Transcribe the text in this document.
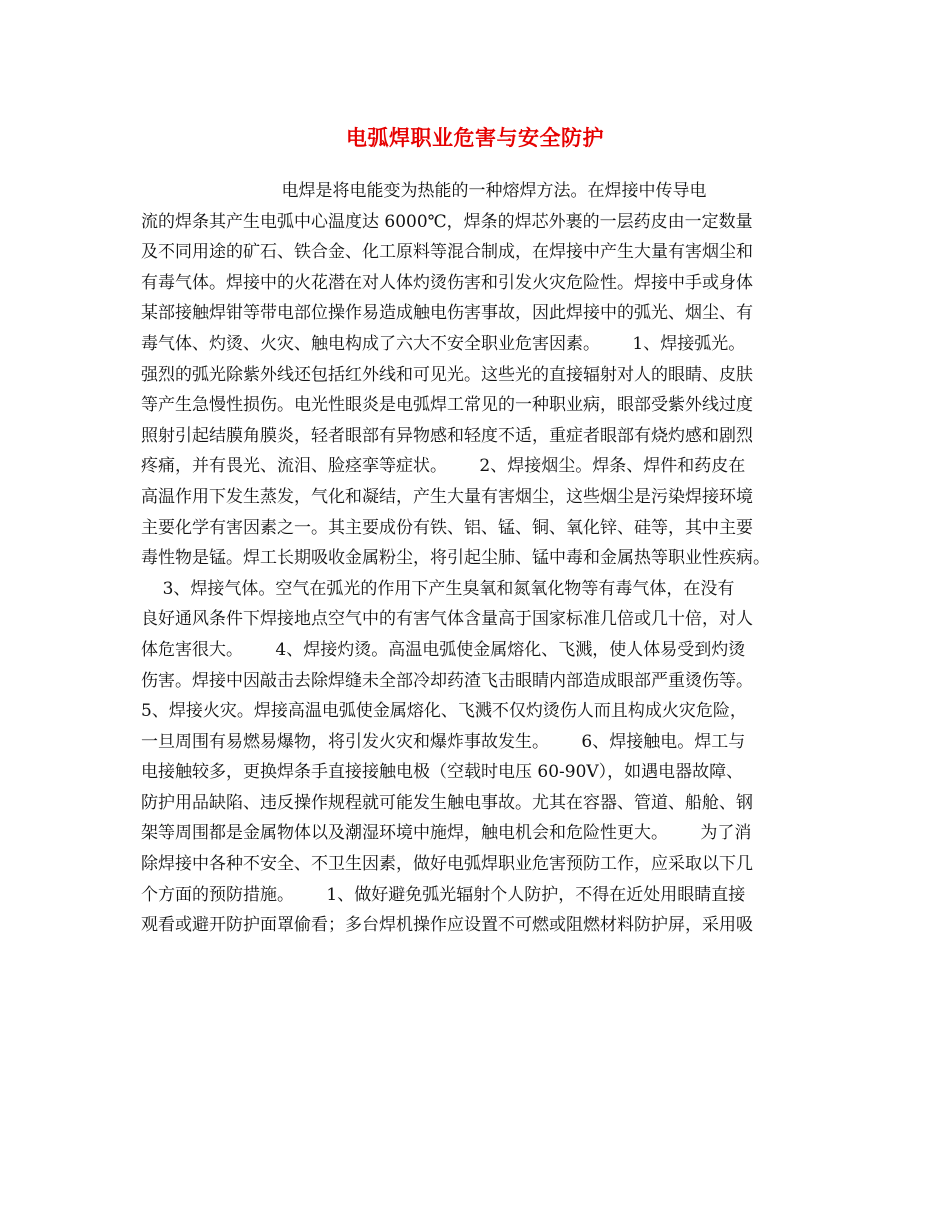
电弧焊职业危害与安全防护
电焊是将电能变为热能的一种熔焊方法。在焊接中传导电
流的焊条其产生电弧中心温度达 6000℃，焊条的焊芯外裹的一层药皮由一定数量
及不同用途的矿石、铁合金、化工原料等混合制成，在焊接中产生大量有害烟尘和
有毒气体。焊接中的火花潜在对人体灼烫伤害和引发火灾危险性。焊接中手或身体
某部接触焊钳等带电部位操作易造成触电伤害事故，因此焊接中的弧光、烟尘、有
毒气体、灼烫、火灾、触电构成了六大不安全职业危害因素。      1、焊接弧光。
强烈的弧光除紫外线还包括红外线和可见光。这些光的直接辐射对人的眼睛、皮肤
等产生急慢性损伤。电光性眼炎是电弧焊工常见的一种职业病，眼部受紫外线过度
照射引起结膜角膜炎，轻者眼部有异物感和轻度不适，重症者眼部有烧灼感和剧烈
疼痛，并有畏光、流泪、脸痉挛等症状。      2、焊接烟尘。焊条、焊件和药皮在
高温作用下发生蒸发，气化和凝结，产生大量有害烟尘，这些烟尘是污染焊接环境
主要化学有害因素之一。其主要成份有铁、铝、锰、铜、氧化锌、硅等，其中主要
毒性物是锰。焊工长期吸收金属粉尘，将引起尘肺、锰中毒和金属热等职业性疾病。
3、焊接气体。空气在弧光的作用下产生臭氧和氮氧化物等有毒气体，在没有
良好通风条件下焊接地点空气中的有害气体含量高于国家标准几倍或几十倍，对人
体危害很大。      4、焊接灼烫。高温电弧使金属熔化、飞溅，使人体易受到灼烫
伤害。焊接中因敲击去除焊缝未全部冷却药渣飞击眼睛内部造成眼部严重烫伤等。
5、焊接火灾。焊接高温电弧使金属熔化、飞溅不仅灼烫伤人而且构成火灾危险，
一旦周围有易燃易爆物，将引发火灾和爆炸事故发生。      6、焊接触电。焊工与
电接触较多，更换焊条手直接接触电极（空载时电压 60-90V），如遇电器故障、
防护用品缺陷、违反操作规程就可能发生触电事故。尤其在容器、管道、船舱、钢
架等周围都是金属物体以及潮湿环境中施焊，触电机会和危险性更大。      为了消
除焊接中各种不安全、不卫生因素，做好电弧焊职业危害预防工作，应采取以下几
个方面的预防措施。      1、做好避免弧光辐射个人防护，不得在近处用眼睛直接
观看或避开防护面罩偷看；多台焊机操作应设置不可燃或阻燃材料防护屏，采用吸
